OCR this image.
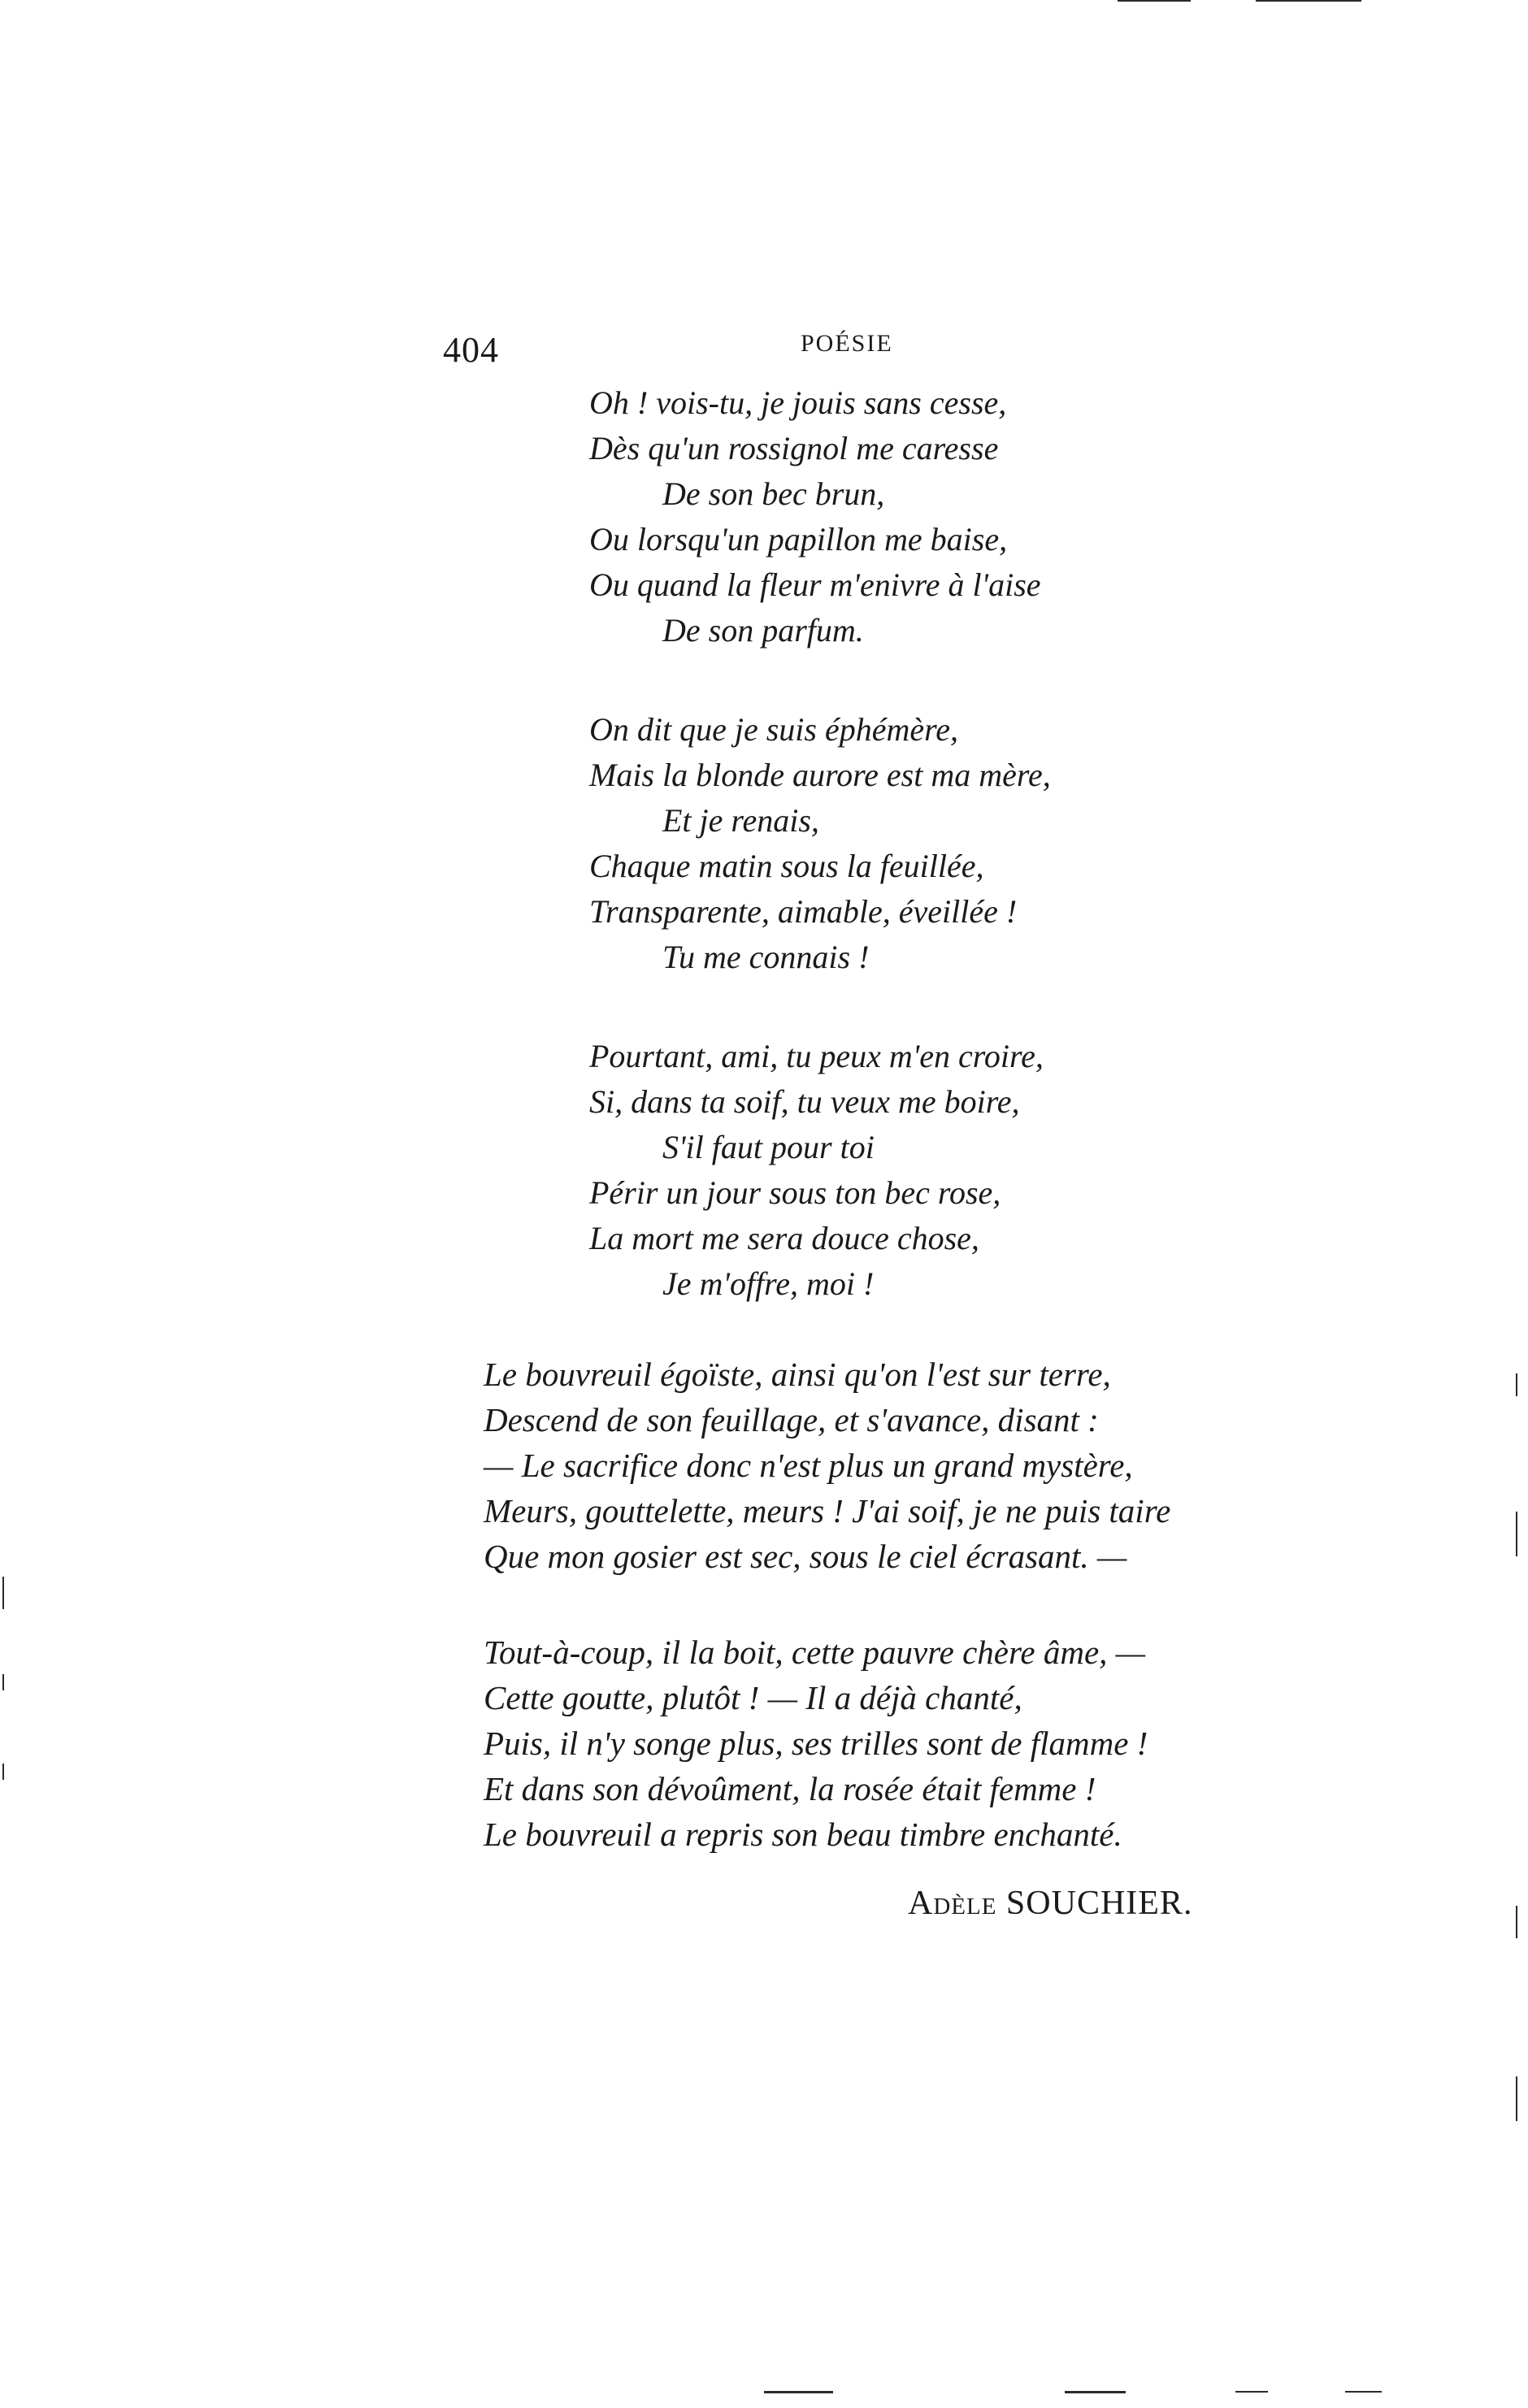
404	POÉSIE
Oh ! vois-tu, je jouis sans cesse,
Dès qu'un rossignol me caresse
De son bec brun,
Ou lorsqu'un papillon me baise,
Ou quand la fleur m'enivre à l'aise
De son parfum.
On dit que je suis éphémère,
Mais la blonde aurore est ma mère,
Et je renais,
Chaque matin sous la feuillée,
Transparente, aimable, éveillée !
Tu me connais !
Pourtant, ami, tu peux m'en croire,
Si, dans ta soif, tu veux me boire,
S'il faut pour toi
Périr un jour sous ton bec rose,
La mort me sera douce chose,
Je m'offre, moi !
Le bouvreuil égoïste, ainsi qu'on l'est sur terre,
Descend de son feuillage, et s'avance, disant :
— Le sacrifice donc n'est plus un grand mystère,
Meurs, gouttelette, meurs ! J'ai soif, je ne puis taire
Que mon gosier est sec, sous le ciel écrasant. —
Tout-à-coup, il la boit, cette pauvre chère âme, —
Cette goutte, plutôt ! — Il a déjà chanté,
Puis, il n'y songe plus, ses trilles sont de flamme !
Et dans son dévoûment, la rosée était femme !
Le bouvreuil a repris son beau timbre enchanté.
Adèle SOUCHIER.
